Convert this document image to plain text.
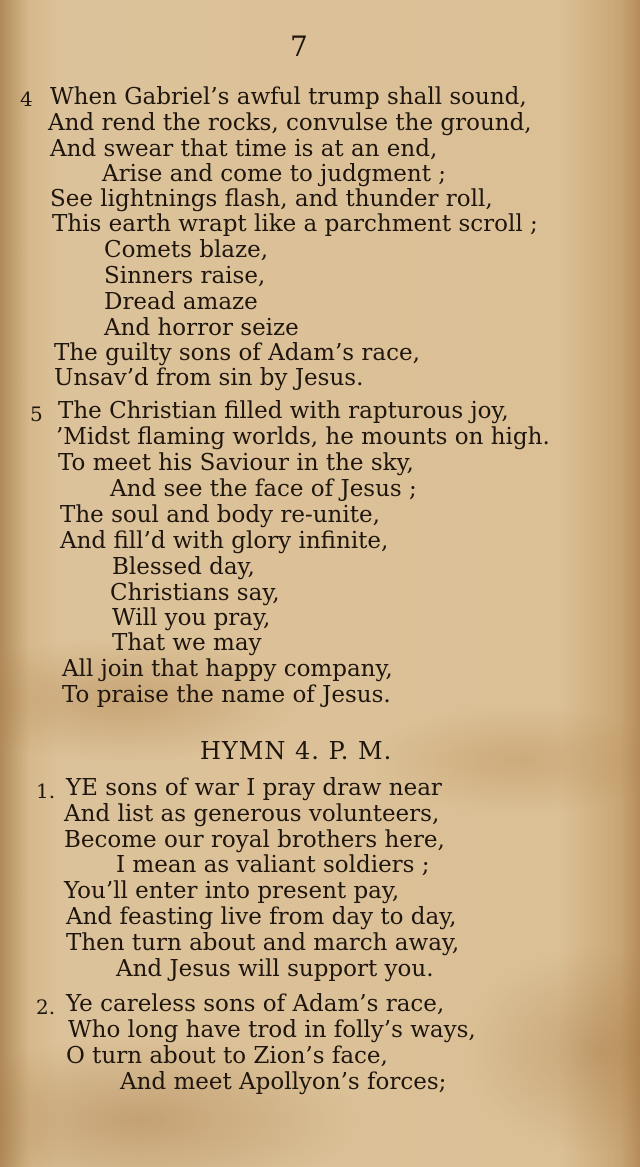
7
4 When Gabriel’s awful trump shall sound,
And rend the rocks, convulse the ground,
And swear that time is at an end,
Arise and come to judgment ;
See lightnings flash, and thunder roll,
This earth wrapt like a parchment scroll ;
Comets blaze,
Sinners raise,
Dread amaze
And horror seize
The guilty sons of Adam’s race,
Unsav’d from sin by Jesus.
5 The Christian filled with rapturous joy,
’Midst flaming worlds, he mounts on high.
To meet his Saviour in the sky,
And see the face of Jesus ;
The soul and body re-unite,
And fill’d with glory infinite,
Blessed day,
Christians say,
Will you pray,
That we may
All join that happy company,
To praise the name of Jesus.
HYMN 4. P. M.
1. YE sons of war I pray draw near
And list as generous volunteers,
Become our royal brothers here,
I mean as valiant soldiers ;
You’ll enter into present pay,
And feasting live from day to day,
Then turn about and march away,
And Jesus will support you.
2. Ye careless sons of Adam’s race,
Who long have trod in folly’s ways,
O turn about to Zion’s face,
And meet Apollyon’s forces;
